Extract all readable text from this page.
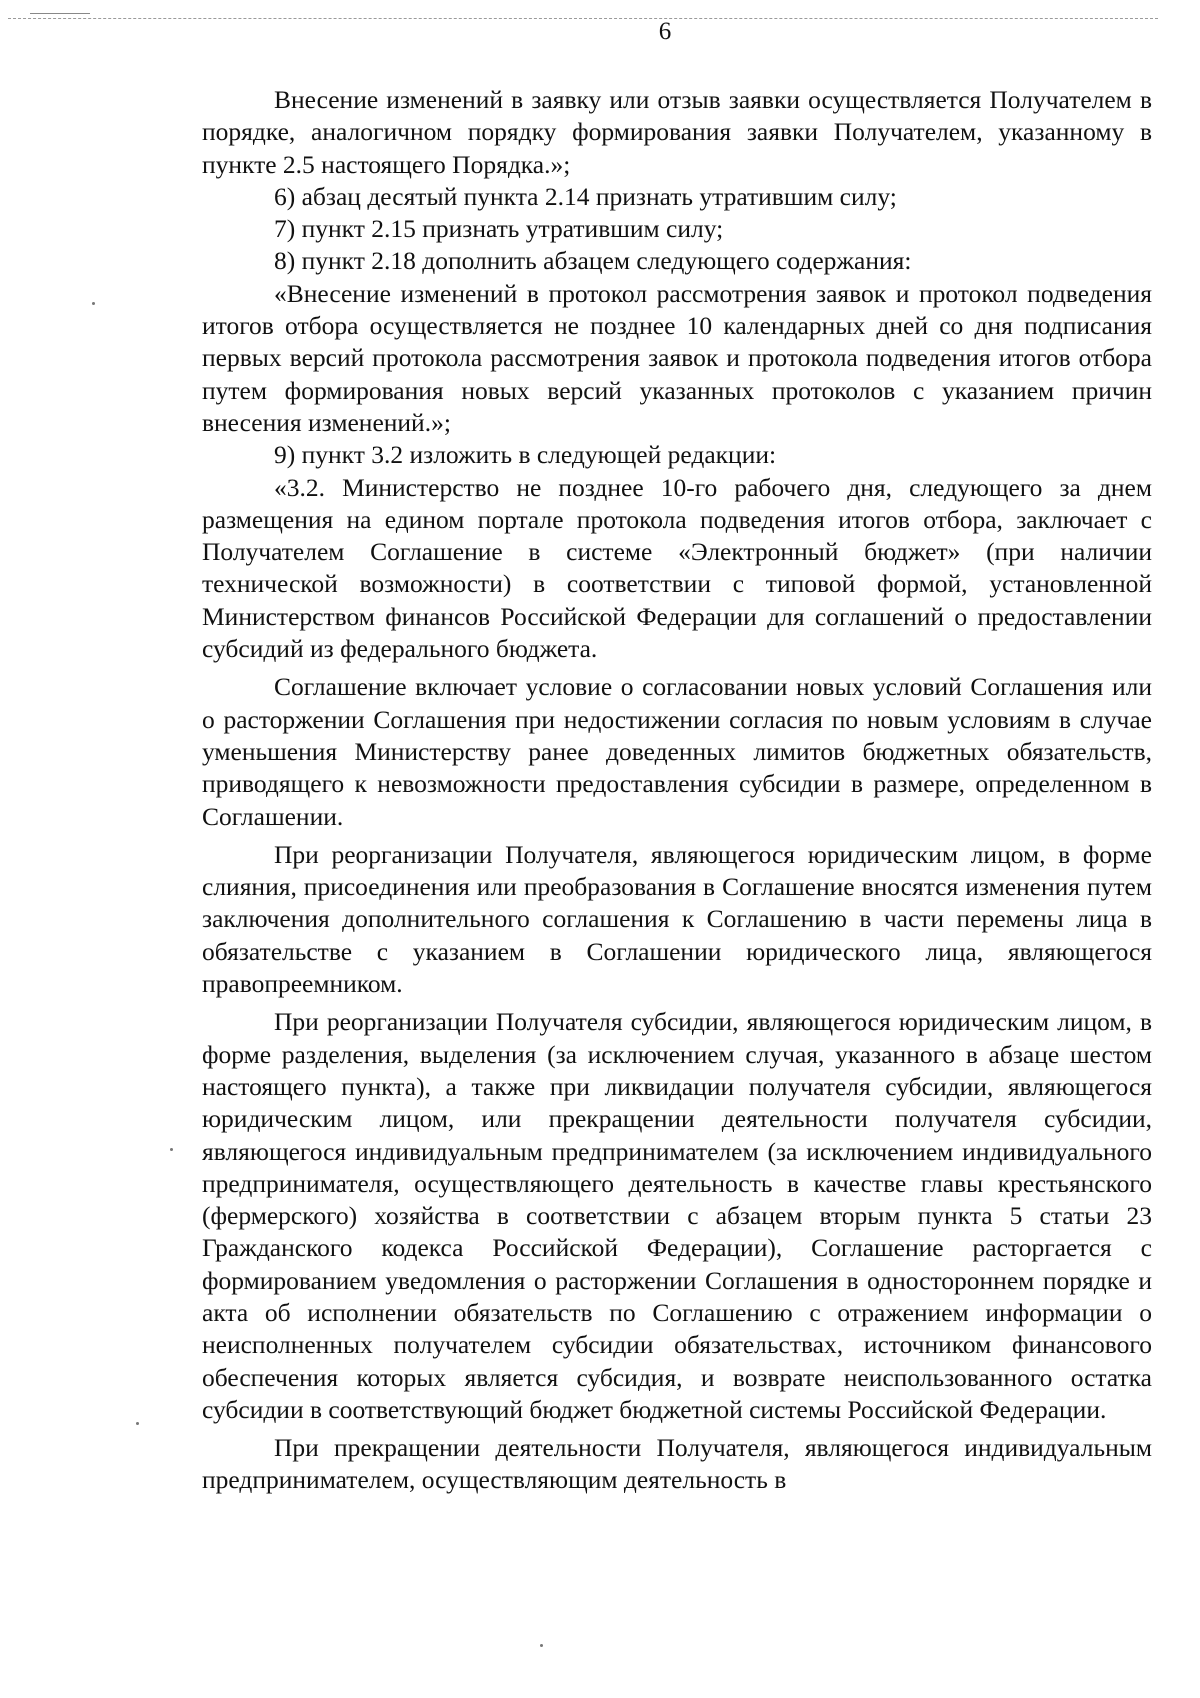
6

Внесение изменений в заявку или отзыв заявки осуществляется Получателем в порядке, аналогичном порядку формирования заявки Получателем, указанному в пункте 2.5 настоящего Порядка.»;

6) абзац десятый пункта 2.14 признать утратившим силу;

7) пункт 2.15 признать утратившим силу;

8) пункт 2.18 дополнить абзацем следующего содержания:

«Внесение изменений в протокол рассмотрения заявок и протокол подведения итогов отбора осуществляется не позднее 10 календарных дней со дня подписания первых версий протокола рассмотрения заявок и протокола подведения итогов отбора путем формирования новых версий указанных протоколов с указанием причин внесения изменений.»;

9) пункт 3.2 изложить в следующей редакции:

«3.2. Министерство не позднее 10-го рабочего дня, следующего за днем размещения на едином портале протокола подведения итогов отбора, заключает с Получателем Соглашение в системе «Электронный бюджет» (при наличии технической возможности) в соответствии с типовой формой, установленной Министерством финансов Российской Федерации для соглашений о предоставлении субсидий из федерального бюджета.

Соглашение включает условие о согласовании новых условий Соглашения или о расторжении Соглашения при недостижении согласия по новым условиям в случае уменьшения Министерству ранее доведенных лимитов бюджетных обязательств, приводящего к невозможности предоставления субсидии в размере, определенном в Соглашении.

При реорганизации Получателя, являющегося юридическим лицом, в форме слияния, присоединения или преобразования в Соглашение вносятся изменения путем заключения дополнительного соглашения к Соглашению в части перемены лица в обязательстве с указанием в Соглашении юридического лица, являющегося правопреемником.

При реорганизации Получателя субсидии, являющегося юридическим лицом, в форме разделения, выделения (за исключением случая, указанного в абзаце шестом настоящего пункта), а также при ликвидации получателя субсидии, являющегося юридическим лицом, или прекращении деятельности получателя субсидии, являющегося индивидуальным предпринимателем (за исключением индивидуального предпринимателя, осуществляющего деятельность в качестве главы крестьянского (фермерского) хозяйства в соответствии с абзацем вторым пункта 5 статьи 23 Гражданского кодекса Российской Федерации), Соглашение расторгается с формированием уведомления о расторжении Соглашения в одностороннем порядке и акта об исполнении обязательств по Соглашению с отражением информации о неисполненных получателем субсидии обязательствах, источником финансового обеспечения которых является субсидия, и возврате неиспользованного остатка субсидии в соответствующий бюджет бюджетной системы Российской Федерации.

При прекращении деятельности Получателя, являющегося индивидуальным предпринимателем, осуществляющим деятельность в
